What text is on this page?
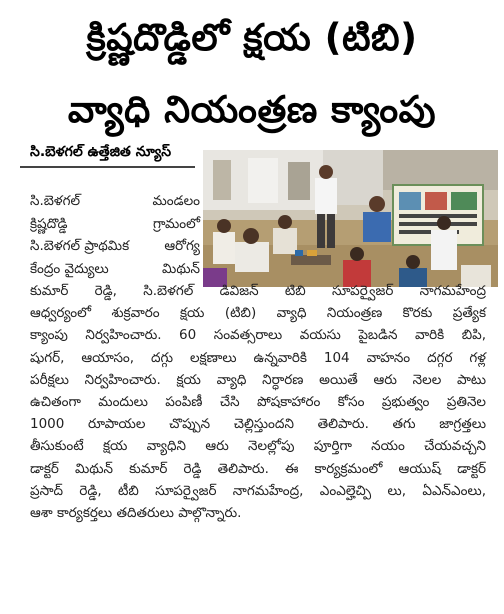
క్రిష్ణదొడ్డిలో క్షయ (టిబి)
వ్యాధి నియంత్రణ క్యాంపు
సి.బెళగల్ ఉత్తేజిత న్యూస్
సి.బెళగల్	మండలం
క్రిష్ణదొడ్డి	గ్రామంలో
సి.బెళగల్ ప్రాథమిక	ఆరోగ్య
కేంద్రం వైద్యులు	మిథున్
కుమార్ రెడ్డి, సి.బెళగల్ డివిజన్ టిబి సూపర్వైజర్ నాగమహేంద్ర
ఆధ్వర్యంలో శుక్రవారం క్షయ (టిబి) వ్యాధి నియంత్రణ కొరకు ప్రత్యేక
క్యాంపు నిర్వహించారు. 60 సంవత్సరాలు వయసు పైబడిన వారికి బిపి,
షుగర్, ఆయాసం, దగ్గు లక్షణాలు ఉన్నవారికి 104 వాహనం దగ్గర గళ్ల
పరీక్షలు నిర్వహించారు. క్షయ వ్యాధి నిర్ధారణ అయితే ఆరు నెలల పాటు
ఉచితంగా మందులు పంపిణీ చేసి పోషకాహారం కోసం ప్రభుత్వం ప్రతినెల
1000 రూపాయల చొప్పున చెల్లిస్తుందని తెలిపారు. తగు జాగ్రత్తలు
తీసుకుంటే క్షయ వ్యాధిని ఆరు నెలల్లోపు పూర్తిగా నయం చేయవచ్చని
డాక్టర్ మిథున్ కుమార్ రెడ్డి తెలిపారు. ఈ కార్యక్రమంలో ఆయుష్ డాక్టర్
ప్రసాద్ రెడ్డి, టీబి సూపర్వైజర్ నాగమహేంద్ర, ఎంఎల్హెచ్పి లు, ఏఎన్ఎంలు,
ఆశా కార్యకర్తలు తదితరులు పాల్గొన్నారు.
